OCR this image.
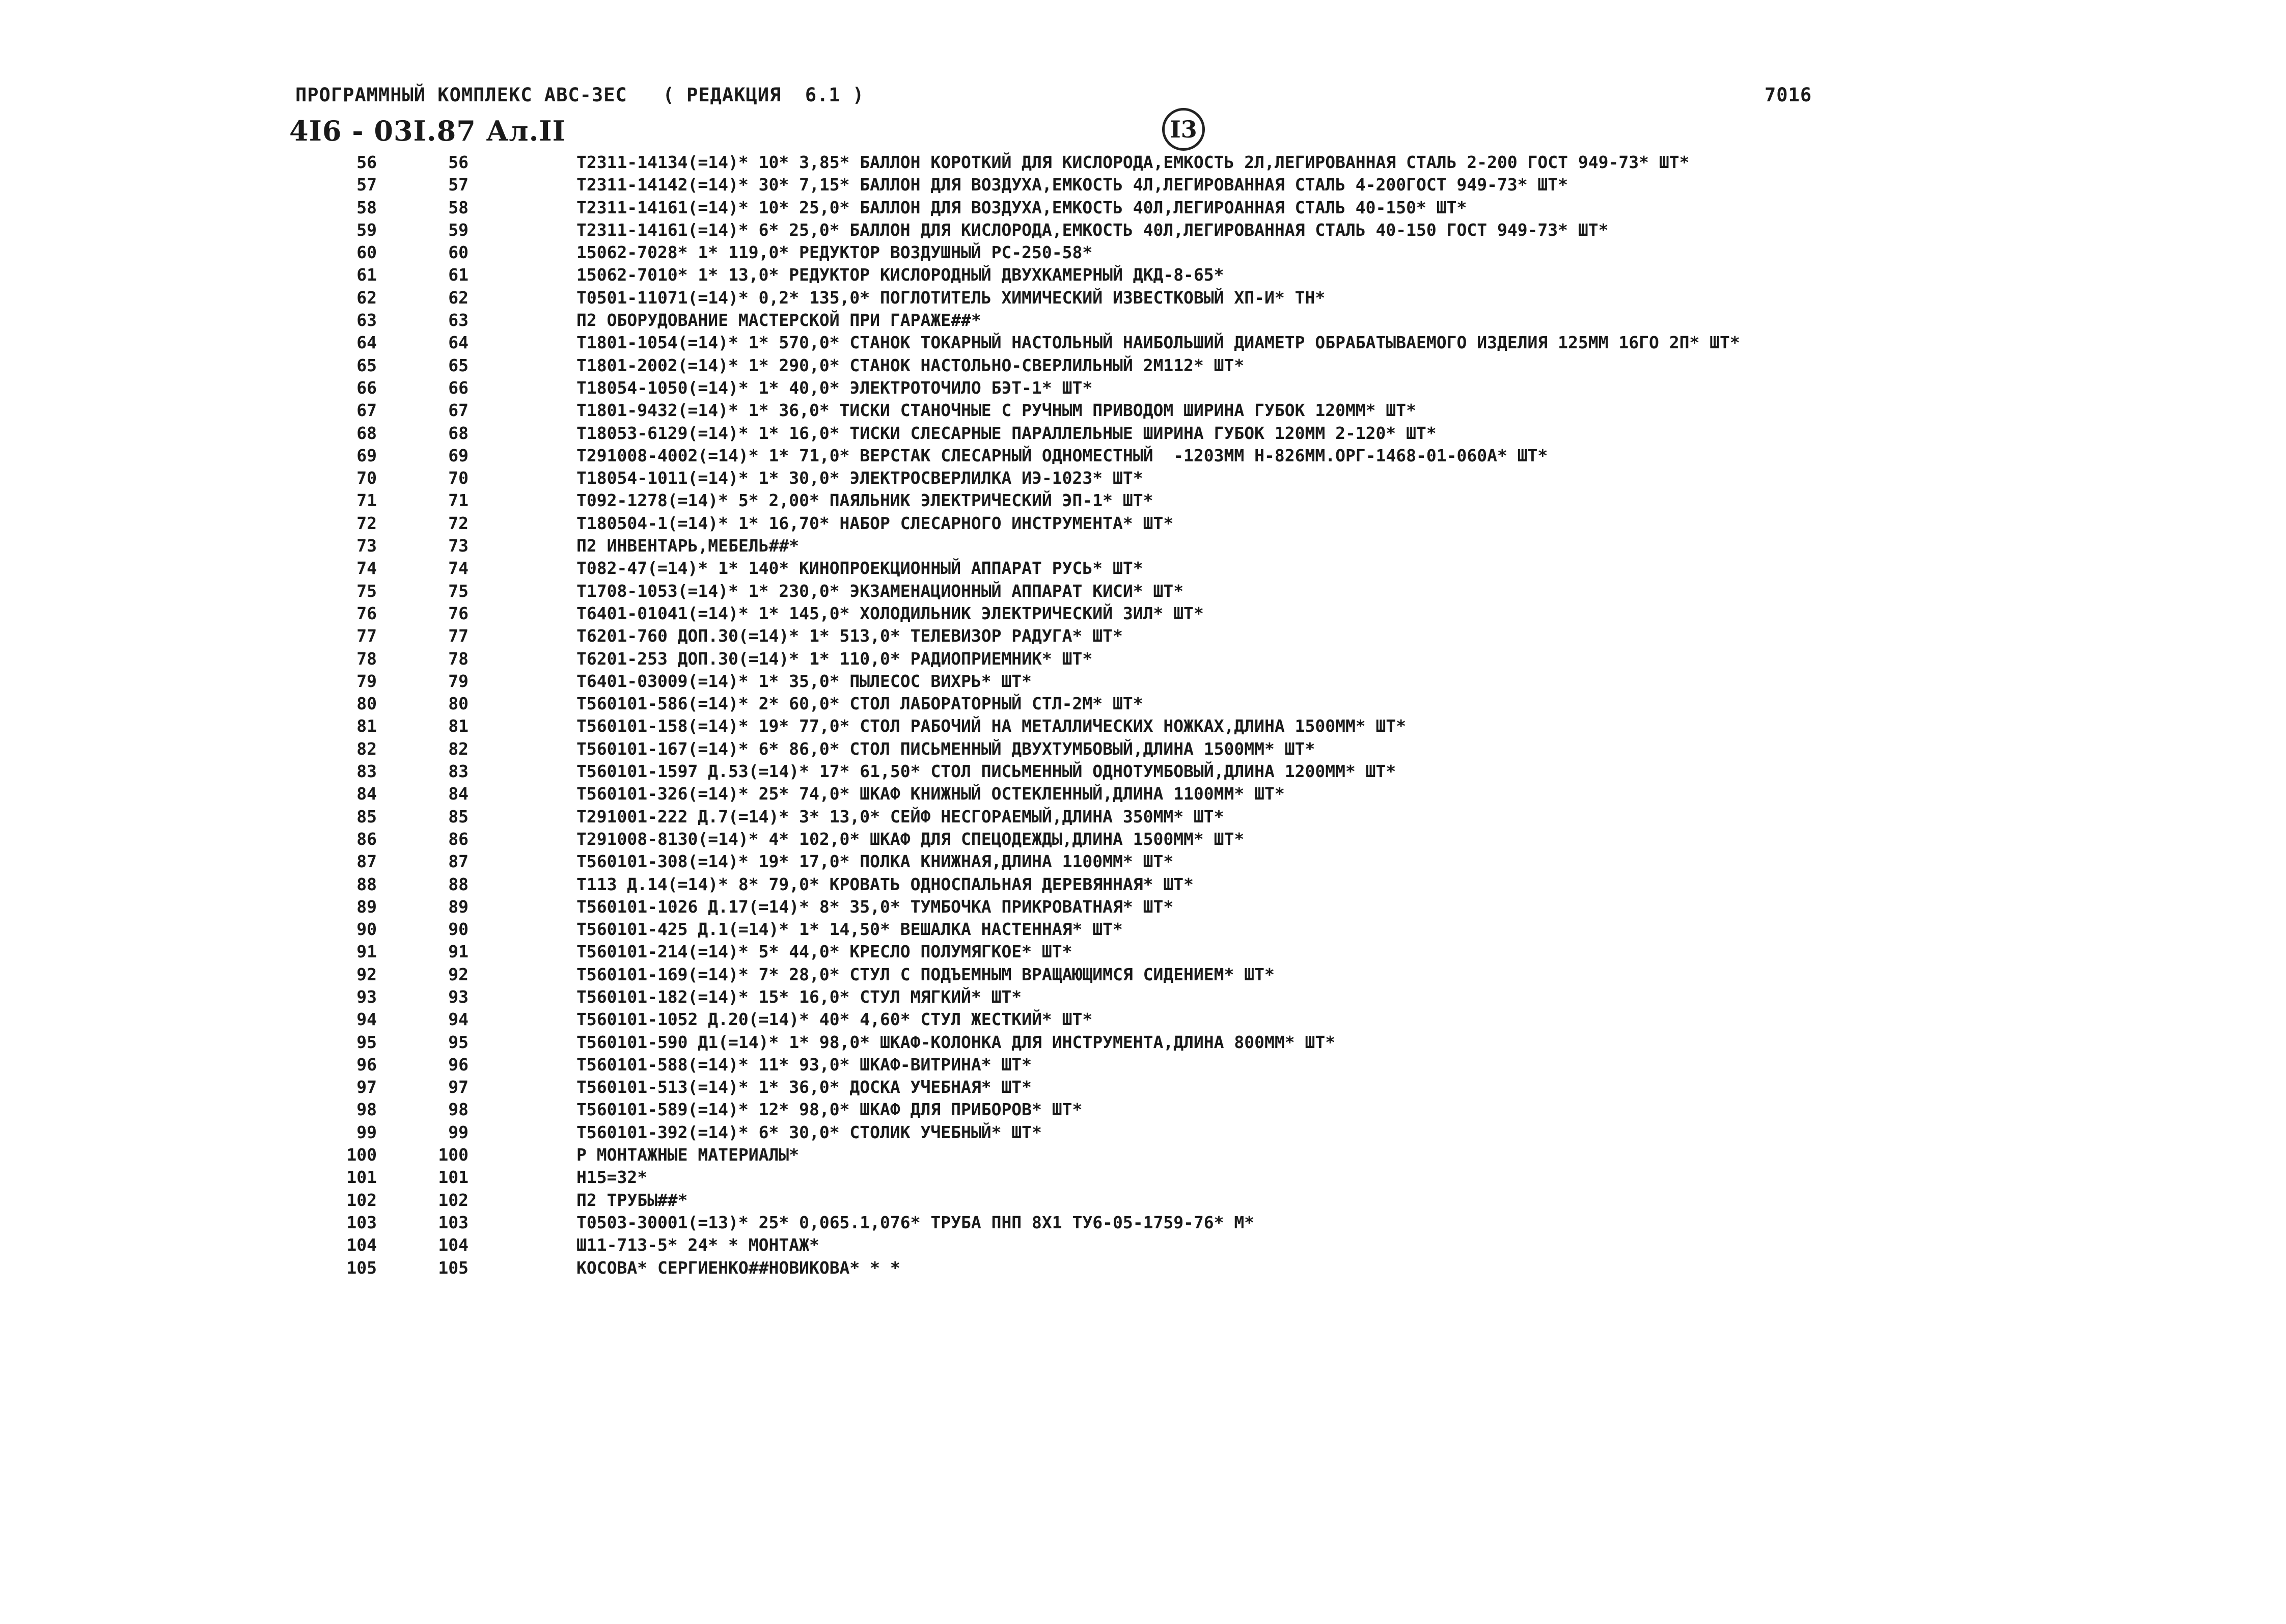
ПРОГРАММНЫЙ КОМПЛЕКС АВС-ЗЕС   ( РЕДАКЦИЯ  6.1 )	7016
4I6 - 03I.87 Ал.II	I3
56	56	Т2311-14134(=14)* 10* 3,85* БАЛЛОН КОРОТКИЙ ДЛЯ КИСЛОРОДА,ЕМКОСТЬ 2Л,ЛЕГИРОВАННАЯ СТАЛЬ 2-200 ГОСТ 949-73* ШТ*
57	57	Т2311-14142(=14)* 30* 7,15* БАЛЛОН ДЛЯ ВОЗДУХА,ЕМКОСТЬ 4Л,ЛЕГИРОВАННАЯ СТАЛЬ 4-200ГОСТ 949-73* ШТ*
58	58	Т2311-14161(=14)* 10* 25,0* БАЛЛОН ДЛЯ ВОЗДУХА,ЕМКОСТЬ 40Л,ЛЕГИРОАННАЯ СТАЛЬ 40-150* ШТ*
59	59	Т2311-14161(=14)* 6* 25,0* БАЛЛОН ДЛЯ КИСЛОРОДА,ЕМКОСТЬ 40Л,ЛЕГИРОВАННАЯ СТАЛЬ 40-150 ГОСТ 949-73* ШТ*
60	60	15062-7028* 1* 119,0* РЕДУКТОР ВОЗДУШНЫЙ РС-250-58*
61	61	15062-7010* 1* 13,0* РЕДУКТОР КИСЛОРОДНЫЙ ДВУХКАМЕРНЫЙ ДКД-8-65*
62	62	Т0501-11071(=14)* 0,2* 135,0* ПОГЛОТИТЕЛЬ ХИМИЧЕСКИЙ ИЗВЕСТКОВЫЙ ХП-И* ТН*
63	63	П2 ОБОРУДОВАНИЕ МАСТЕРСКОЙ ПРИ ГАРАЖЕ##*
64	64	Т1801-1054(=14)* 1* 570,0* СТАНОК ТОКАРНЫЙ НАСТОЛЬНЫЙ НАИБОЛЬШИЙ ДИАМЕТР ОБРАБАТЫВАЕМОГО ИЗДЕЛИЯ 125ММ 16ГО 2П* ШТ*
65	65	Т1801-2002(=14)* 1* 290,0* СТАНОК НАСТОЛЬНО-СВЕРЛИЛЬНЫЙ 2М112* ШТ*
66	66	Т18054-1050(=14)* 1* 40,0* ЭЛЕКТРОТОЧИЛО БЭТ-1* ШТ*
67	67	Т1801-9432(=14)* 1* 36,0* ТИСКИ СТАНОЧНЫЕ С РУЧНЫМ ПРИВОДОМ ШИРИНА ГУБОК 120ММ* ШТ*
68	68	Т18053-6129(=14)* 1* 16,0* ТИСКИ СЛЕСАРНЫЕ ПАРАЛЛЕЛЬНЫЕ ШИРИНА ГУБОК 120ММ 2-120* ШТ*
69	69	Т291008-4002(=14)* 1* 71,0* ВЕРСТАК СЛЕСАРНЫЙ ОДНОМЕСТНЫЙ  -1203ММ Н-826ММ.ОРГ-1468-01-060А* ШТ*
70	70	Т18054-1011(=14)* 1* 30,0* ЭЛЕКТРОСВЕРЛИЛКА ИЭ-1023* ШТ*
71	71	Т092-1278(=14)* 5* 2,00* ПАЯЛЬНИК ЭЛЕКТРИЧЕСКИЙ ЭП-1* ШТ*
72	72	Т180504-1(=14)* 1* 16,70* НАБОР СЛЕСАРНОГО ИНСТРУМЕНТА* ШТ*
73	73	П2 ИНВЕНТАРЬ,МЕБЕЛЬ##*
74	74	Т082-47(=14)* 1* 140* КИНОПРОЕКЦИОННЫЙ АППАРАТ РУСЬ* ШТ*
75	75	Т1708-1053(=14)* 1* 230,0* ЭКЗАМЕНАЦИОННЫЙ АППАРАТ КИСИ* ШТ*
76	76	Т6401-01041(=14)* 1* 145,0* ХОЛОДИЛЬНИК ЭЛЕКТРИЧЕСКИЙ ЗИЛ* ШТ*
77	77	Т6201-760 ДОП.30(=14)* 1* 513,0* ТЕЛЕВИЗОР РАДУГА* ШТ*
78	78	Т6201-253 ДОП.30(=14)* 1* 110,0* РАДИОПРИЕМНИК* ШТ*
79	79	Т6401-03009(=14)* 1* 35,0* ПЫЛЕСОС ВИХРЬ* ШТ*
80	80	Т560101-586(=14)* 2* 60,0* СТОЛ ЛАБОРАТОРНЫЙ СТЛ-2М* ШТ*
81	81	Т560101-158(=14)* 19* 77,0* СТОЛ РАБОЧИЙ НА МЕТАЛЛИЧЕСКИХ НОЖКАХ,ДЛИНА 1500ММ* ШТ*
82	82	Т560101-167(=14)* 6* 86,0* СТОЛ ПИСЬМЕННЫЙ ДВУХТУМБОВЫЙ,ДЛИНА 1500ММ* ШТ*
83	83	Т560101-1597 Д.53(=14)* 17* 61,50* СТОЛ ПИСЬМЕННЫЙ ОДНОТУМБОВЫЙ,ДЛИНА 1200ММ* ШТ*
84	84	Т560101-326(=14)* 25* 74,0* ШКАФ КНИЖНЫЙ ОСТЕКЛЕННЫЙ,ДЛИНА 1100ММ* ШТ*
85	85	Т291001-222 Д.7(=14)* 3* 13,0* СЕЙФ НЕСГОРАЕМЫЙ,ДЛИНА 350ММ* ШТ*
86	86	Т291008-8130(=14)* 4* 102,0* ШКАФ ДЛЯ СПЕЦОДЕЖДЫ,ДЛИНА 1500ММ* ШТ*
87	87	Т560101-308(=14)* 19* 17,0* ПОЛКА КНИЖНАЯ,ДЛИНА 1100ММ* ШТ*
88	88	Т113 Д.14(=14)* 8* 79,0* КРОВАТЬ ОДНОСПАЛЬНАЯ ДЕРЕВЯННАЯ* ШТ*
89	89	Т560101-1026 Д.17(=14)* 8* 35,0* ТУМБОЧКА ПРИКРОВАТНАЯ* ШТ*
90	90	Т560101-425 Д.1(=14)* 1* 14,50* ВЕШАЛКА НАСТЕННАЯ* ШТ*
91	91	Т560101-214(=14)* 5* 44,0* КРЕСЛО ПОЛУМЯГКОЕ* ШТ*
92	92	Т560101-169(=14)* 7* 28,0* СТУЛ С ПОДЪЕМНЫМ ВРАЩАЮЩИМСЯ СИДЕНИЕМ* ШТ*
93	93	Т560101-182(=14)* 15* 16,0* СТУЛ МЯГКИЙ* ШТ*
94	94	Т560101-1052 Д.20(=14)* 40* 4,60* СТУЛ ЖЕСТКИЙ* ШТ*
95	95	Т560101-590 Д1(=14)* 1* 98,0* ШКАФ-КОЛОНКА ДЛЯ ИНСТРУМЕНТА,ДЛИНА 800ММ* ШТ*
96	96	Т560101-588(=14)* 11* 93,0* ШКАФ-ВИТРИНА* ШТ*
97	97	Т560101-513(=14)* 1* 36,0* ДОСКА УЧЕБНАЯ* ШТ*
98	98	Т560101-589(=14)* 12* 98,0* ШКАФ ДЛЯ ПРИБОРОВ* ШТ*
99	99	Т560101-392(=14)* 6* 30,0* СТОЛИК УЧЕБНЫЙ* ШТ*
100	100	Р МОНТАЖНЫЕ МАТЕРИАЛЫ*
101	101	Н15=32*
102	102	П2 ТРУБЫ##*
103	103	Т0503-30001(=13)* 25* 0,065.1,076* ТРУБА ПНП 8Х1 ТУ6-05-1759-76* М*
104	104	Ш11-713-5* 24* * МОНТАЖ*
105	105	КОСОВА* СЕРГИЕНКО##НОВИКОВА* * *
